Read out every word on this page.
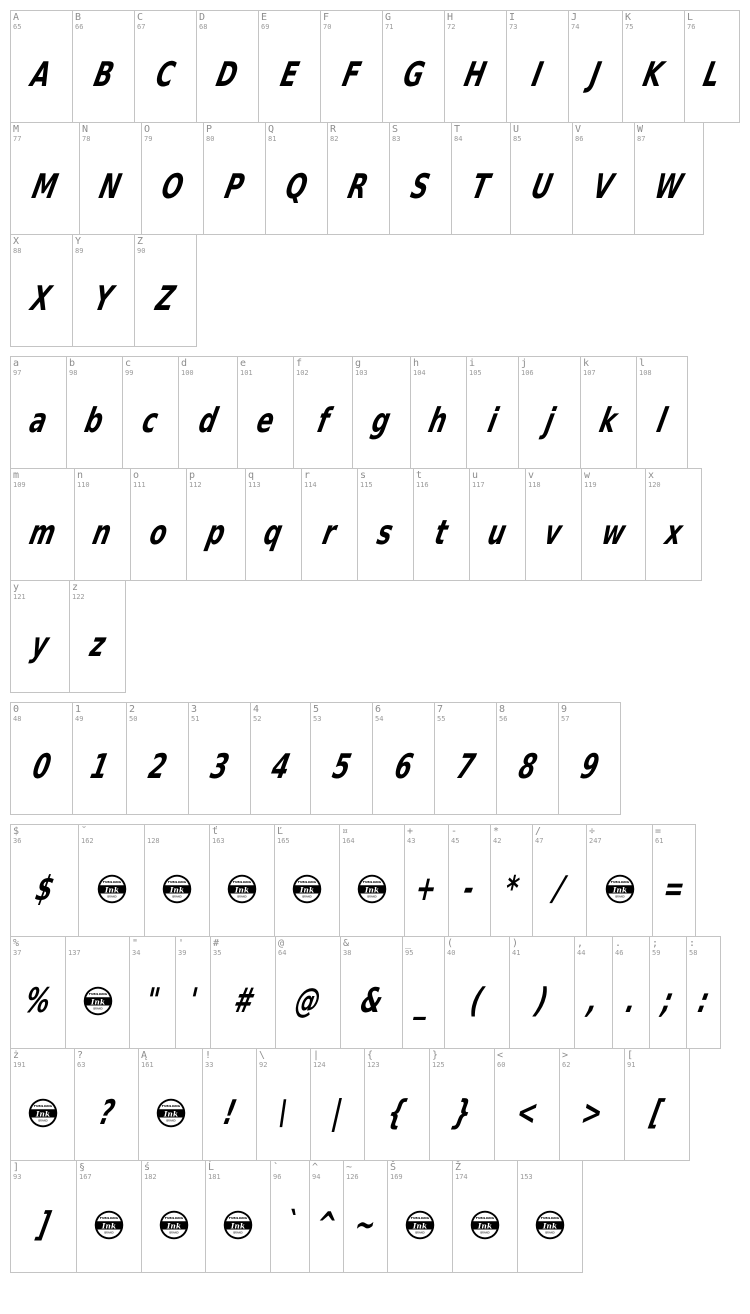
A
65
A
B
66
B
C
67
C
D
68
D
E
69
E
F
70
F
G
71
G
H
72
H
I
73
I
J
74
J
K
75
K
L
76
L
M
77
M
N
78
N
O
79
O
P
80
P
Q
81
Q
R
82
R
S
83
S
T
84
T
U
85
U
V
86
V
W
87
W
X
88
X
Y
89
Y
Z
90
Z
a
97
a
b
98
b
c
99
c
d
100
d
e
101
e
f
102
f
g
103
g
h
104
h
i
105
i
j
106
j
k
107
k
l
108
l
m
109
m
n
110
n
o
111
o
p
112
p
q
113
q
r
114
r
s
115
s
t
116
t
u
117
u
v
118
v
w
119
w
x
120
x
y
121
y
z
122
z
0
48
0
1
49
1
2
50
2
3
51
3
4
52
4
5
53
5
6
54
6
7
55
7
8
56
8
9
57
9
$
36
$
˘
162
FUBILIANG
Ink
BRAND
128
FUBILIANG
Ink
BRAND
ť
163
FUBILIANG
Ink
BRAND
Ľ
165
FUBILIANG
Ink
BRAND
¤
164
FUBILIANG
Ink
BRAND
+
43
+
-
45
-
*
42
*
/
47
/
÷
247
FUBILIANG
Ink
BRAND
=
61
=
%
37
%
137
FUBILIANG
Ink
BRAND
"
34
"
'
39
'
#
35
#
@
64
@
&
38
&
_
95
_
(
40
(
)
41
)
,
44
,
.
46
.
;
59
;
:
58
:
ż
191
FUBILIANG
Ink
BRAND
?
63
?
Ą
161
FUBILIANG
Ink
BRAND
!
33
!
\
92
\
|
124
|
{
123
{
}
125
}
<
60
<
>
62
>
[
91
[
]
93
]
§
167
FUBILIANG
Ink
BRAND
ś
182
FUBILIANG
Ink
BRAND
Ĺ
181
FUBILIANG
Ink
BRAND
`
96
`
^
94
^
~
126
~
Š
169
FUBILIANG
Ink
BRAND
Ž
174
FUBILIANG
Ink
BRAND
153
FUBILIANG
Ink
BRAND
